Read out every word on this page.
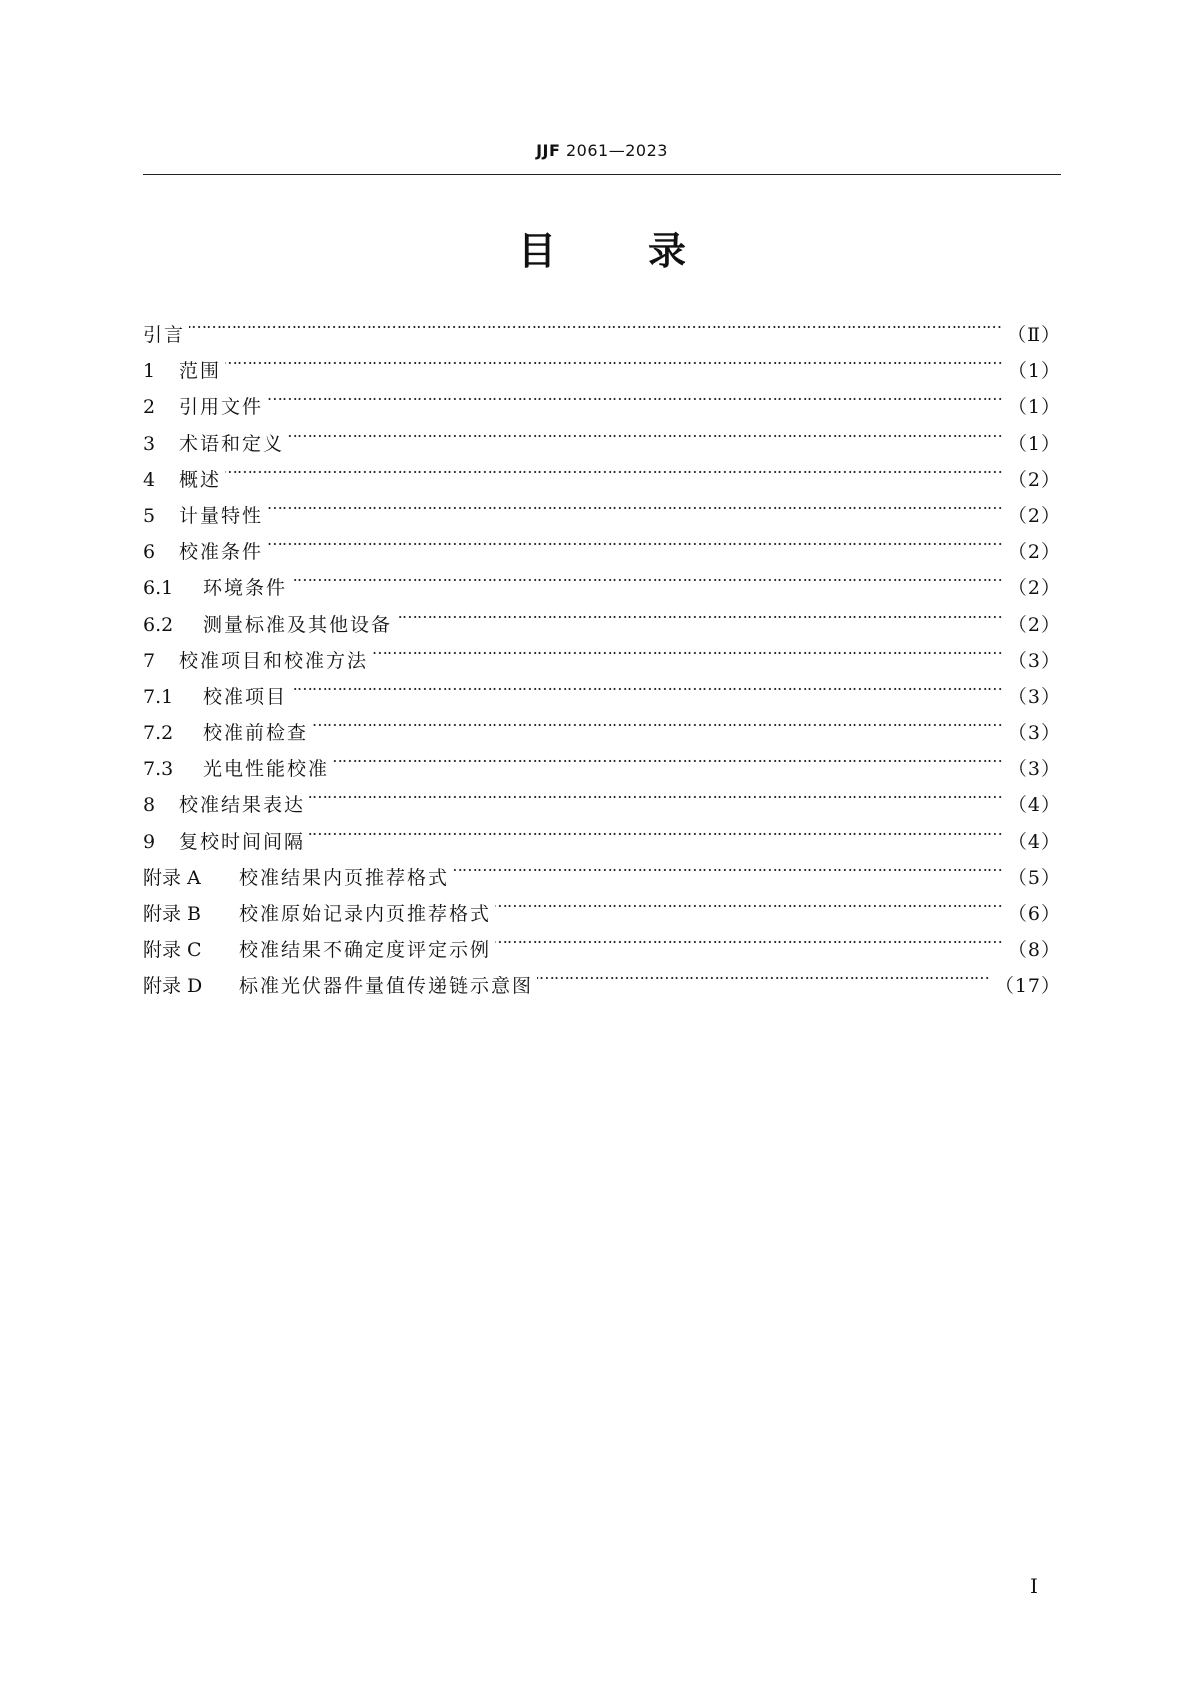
JJF 2061—2023
目 录
引言 …………………………………………………………………………………………………………………………………………………………………………………………………………	（Ⅱ）
1	范围 …………………………………………………………………………………………………………………………………………………………………………………………………………	（1）
2	引用文件 …………………………………………………………………………………………………………………………………………………………………………………………………………	（1）
3	术语和定义 …………………………………………………………………………………………………………………………………………………………………………………………………………	（1）
4	概述 …………………………………………………………………………………………………………………………………………………………………………………………………………	（2）
5	计量特性 …………………………………………………………………………………………………………………………………………………………………………………………………………	（2）
6	校准条件 …………………………………………………………………………………………………………………………………………………………………………………………………………	（2）
6.1	环境条件 …………………………………………………………………………………………………………………………………………………………………………………………………………	（2）
6.2	测量标准及其他设备 …………………………………………………………………………………………………………………………………………………………………………………………………………	（2）
7	校准项目和校准方法 …………………………………………………………………………………………………………………………………………………………………………………………………………	（3）
7.1	校准项目 …………………………………………………………………………………………………………………………………………………………………………………………………………	（3）
7.2	校准前检查 …………………………………………………………………………………………………………………………………………………………………………………………………………	（3）
7.3	光电性能校准 …………………………………………………………………………………………………………………………………………………………………………………………………………	（3）
8	校准结果表达 …………………………………………………………………………………………………………………………………………………………………………………………………………	（4）
9	复校时间间隔 …………………………………………………………………………………………………………………………………………………………………………………………………………	（4）
附录 A	校准结果内页推荐格式 …………………………………………………………………………………………………………………………………………………………………………………………………………	（5）
附录 B	校准原始记录内页推荐格式 …………………………………………………………………………………………………………………………………………………………………………………………………………	（6）
附录 C	校准结果不确定度评定示例 …………………………………………………………………………………………………………………………………………………………………………………………………………	（8）
附录 D	标准光伏器件量值传递链示意图 …………………………………………………………………………………………………………………………………………………………………………………………………………	（17）
Ⅰ
